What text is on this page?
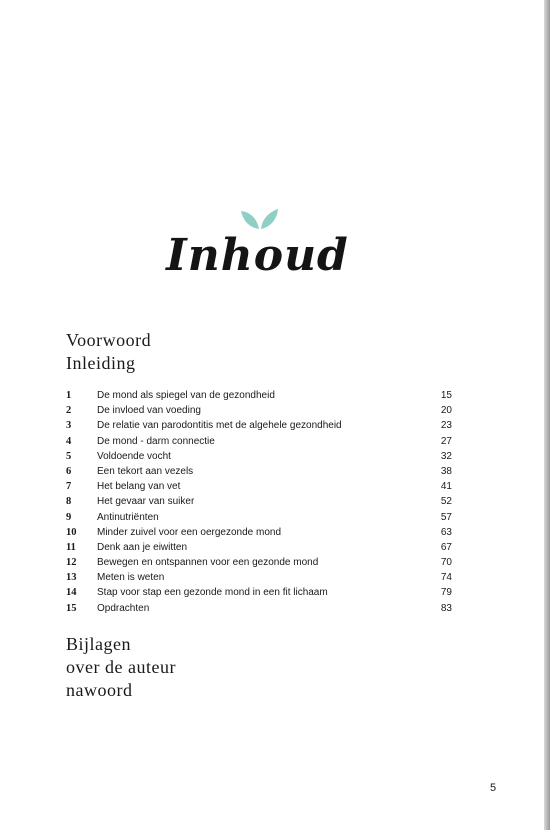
Inhoud
Voorwoord
Inleiding
1	De mond als spiegel van de gezondheid	15
2	De invloed van voeding	20
3	De relatie van parodontitis met de algehele gezondheid	23
4	De mond - darm connectie	27
5	Voldoende vocht	32
6	Een tekort aan vezels	38
7	Het belang van vet	41
8	Het gevaar van suiker	52
9	Antinutriënten	57
10	Minder zuivel voor een oergezonde mond	63
11	Denk aan je eiwitten	67
12	Bewegen en ontspannen voor een gezonde mond	70
13	Meten is weten	74
14	Stap voor stap een gezonde mond in een fit lichaam	79
15	Opdrachten	83
Bijlagen
over de auteur
nawoord
5
